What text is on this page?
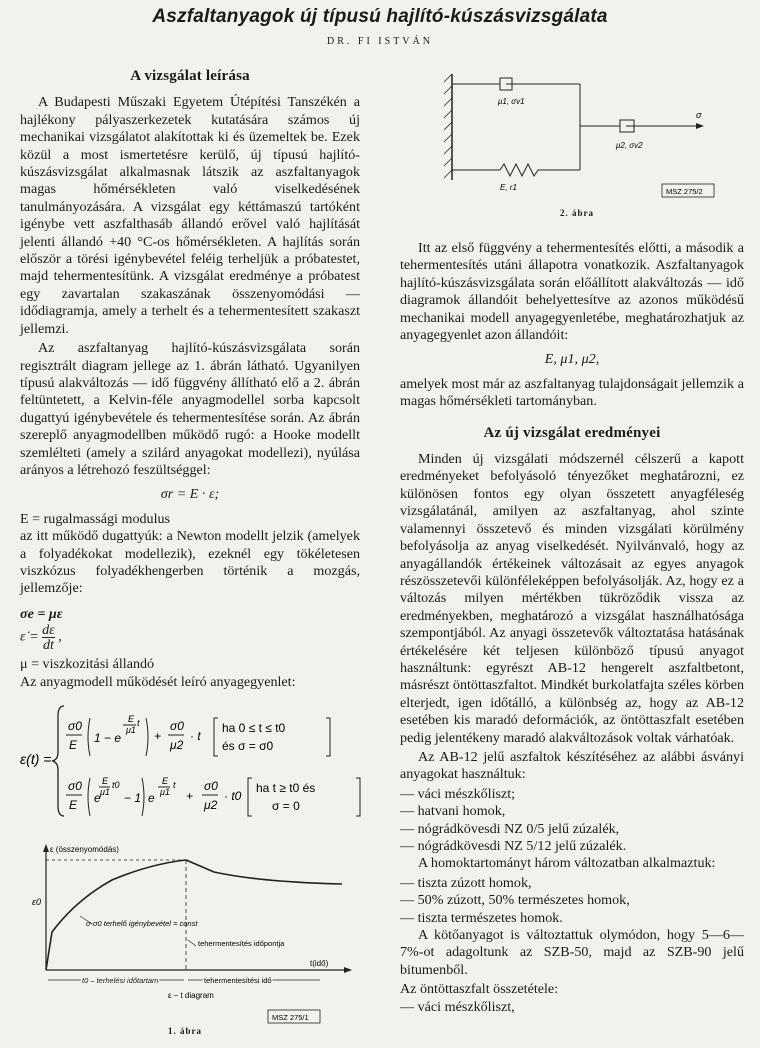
Aszfaltanyagok új típusú hajlító-kúszásvizsgálata
DR. FI ISTVÁN
A vizsgálat leírása

A Budapesti Műszaki Egyetem Útépítési Tanszékén a hajlékony pályaszerkezetek kutatására számos új mechanikai vizsgálatot alakítottak ki és üzemeltek be. Ezek közül a most ismertetésre kerülő, új típusú hajlító-kúszásvizsgálat alkalmasnak látszik az aszfaltanyagok magas hőmérsékleten való viselkedésének tanulmányozására. A vizsgálat egy kéttámaszú tartóként igénybe vett aszfalthasáb állandó erővel való hajlítását jelenti állandó +40 °C-os hőmérsékleten. A hajlítás során először a törési igénybevétel feléig terheljük a próbatestet, majd tehermentesítünk. A vizsgálat eredménye a próbatest egy zavartalan szakaszának összenyomódási — idődiagramja, amely a terhelt és a tehermentesített szakaszt jellemzi.

Az aszfaltanyag hajlító-kúszásvizsgálata során regisztrált diagram jellege az 1. ábrán látható. Ugyanilyen típusú alakváltozás — idő függvény állítható elő a 2. ábrán feltüntetett, a Kelvin-féle anyagmodellel sorba kapcsolt dugattyú igénybevétele és tehermentesítése során. Az ábrán szereplő anyagmodellben működő rugó: a Hooke modellt szemlélteti (amely a szilárd anyagokat modellezi), nyúlása arányos a létrehozó feszültséggel:

σr = E · ε;

E = rugalmassági modulus

az itt működő dugattyúk: a Newton modellt jelzik (amelyek a folyadékokat modellezik), ezeknél egy tökéletesen viszkózus folyadékhengerben történik a mozgás, jellemzője:

σe = με
ε̇ = $\frac{d\varepsilon}{dt}$ ,

μ = viszkozitási állandó

Az anyagmodell működését leíró anyagegyenlet:

ε(t) =
σ0
E 1 − e
E
μ1
t
+
σ0
μ2
· t
ha 0 ≤ t ≤ t0
és σ = σ0
σ0
E e
E
μ1
t0
− 1 e
E
μ1
t
+
σ0
μ2
· t0
ha t ≥ t0 és
σ = 0
ε (összenyomódás)
ε0
σ-σ0 terhelő igénybevétel = const
tehermentesítés időpontja
t(idő)
t0 – terhelési időtartam	tehermentesítési idő
ε – t diagram
MSZ 275/1
1. ábra
μ1, σv1
E, r1
σ
μ2, σv2
MSZ 275/2
2. ábra

Itt az első függvény a tehermentesítés előtti, a második a tehermentesítés utáni állapotra vonatkozik. Aszfaltanyagok hajlító-kúszásvizsgálata során előállított alakváltozás — idő diagramok állandóit behelyettesítve az azonos működésű mechanikai modell anyagegyenletébe, meghatározhatjuk az anyagegyenlet azon állandóit:

E, μ1, μ2,

amelyek most már az aszfaltanyag tulajdonságait jellemzik a magas hőmérsékleti tartományban.

Az új vizsgálat eredményei

Minden új vizsgálati módszernél célszerű a kapott eredményeket befolyásoló tényezőket meghatározni, ez különösen fontos egy olyan összetett anyagféleség vizsgálatánál, amilyen az aszfaltanyag, ahol szinte valamennyi összetevő és minden vizsgálati körülmény befolyásolja az anyag viselkedését. Nyilvánvaló, hogy az anyagállandók értékeinek változásait az egyes anyagok részösszetevői különféleképpen befolyásolják. Az, hogy ez a változás milyen mértékben tükröződik vissza az eredményekben, meghatározó a vizsgálat használhatósága szempontjából. Az anyagi összetevők változtatása hatásának értékelésére két teljesen különböző típusú anyagot használtunk: egyrészt AB-12 hengerelt aszfaltbetont, másrészt öntöttaszfaltot. Mindkét burkolatfajta széles körben elterjedt, igen időtálló, a különbség az, hogy az AB-12 esetében kis maradó deformációk, az öntöttaszfalt esetében pedig jelentékeny maradó alakváltozások voltak várhatóak.

Az AB-12 jelű aszfaltok készítéséhez az alábbi ásványi anyagokat használtuk:

— váci mészkőliszt;

— hatvani homok,

— nógrádkövesdi NZ 0/5 jelű zúzalék,

— nógrádkövesdi NZ 5/12 jelű zúzalék.

A homoktartományt három változatban alkalmaztuk:

— tiszta zúzott homok,

— 50% zúzott, 50% természetes homok,

— tiszta természetes homok.

A kötőanyagot is változtattuk olymódon, hogy 5—6—7%-ot adagoltunk az SZB-50, majd az SZB-90 jelű bitumenből.

Az öntöttaszfalt összetétele:

— váci mészkőliszt,
